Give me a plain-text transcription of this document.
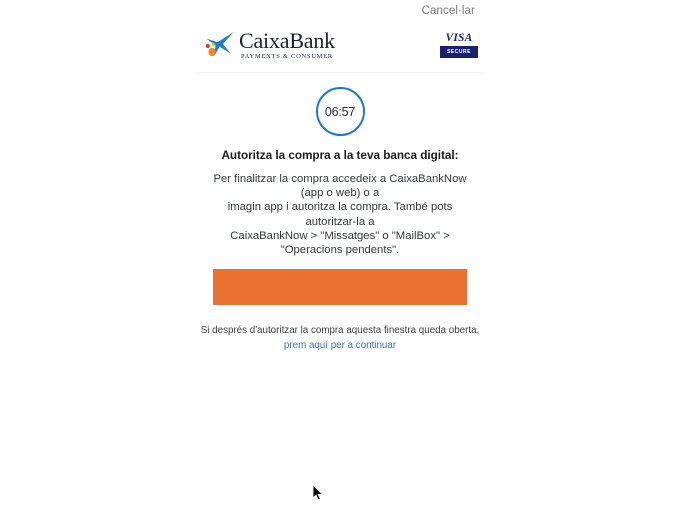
Cancel·lar
CaixaBank
PAYMENTS & CONSUMER
VISA
SECURE
06:57
Autoritza la compra a la teva banca digital:
Per finalitzar la compra accedeix a CaixaBankNow (app o web) o a
imagin app i autoritza la compra. També pots autoritzar-la a
CaixaBankNow > "Missatges" o "MailBox" > "Operacions pendents".
Si després d'autoritzar la compra aquesta finestra queda oberta,
prem aquí per a continuar
